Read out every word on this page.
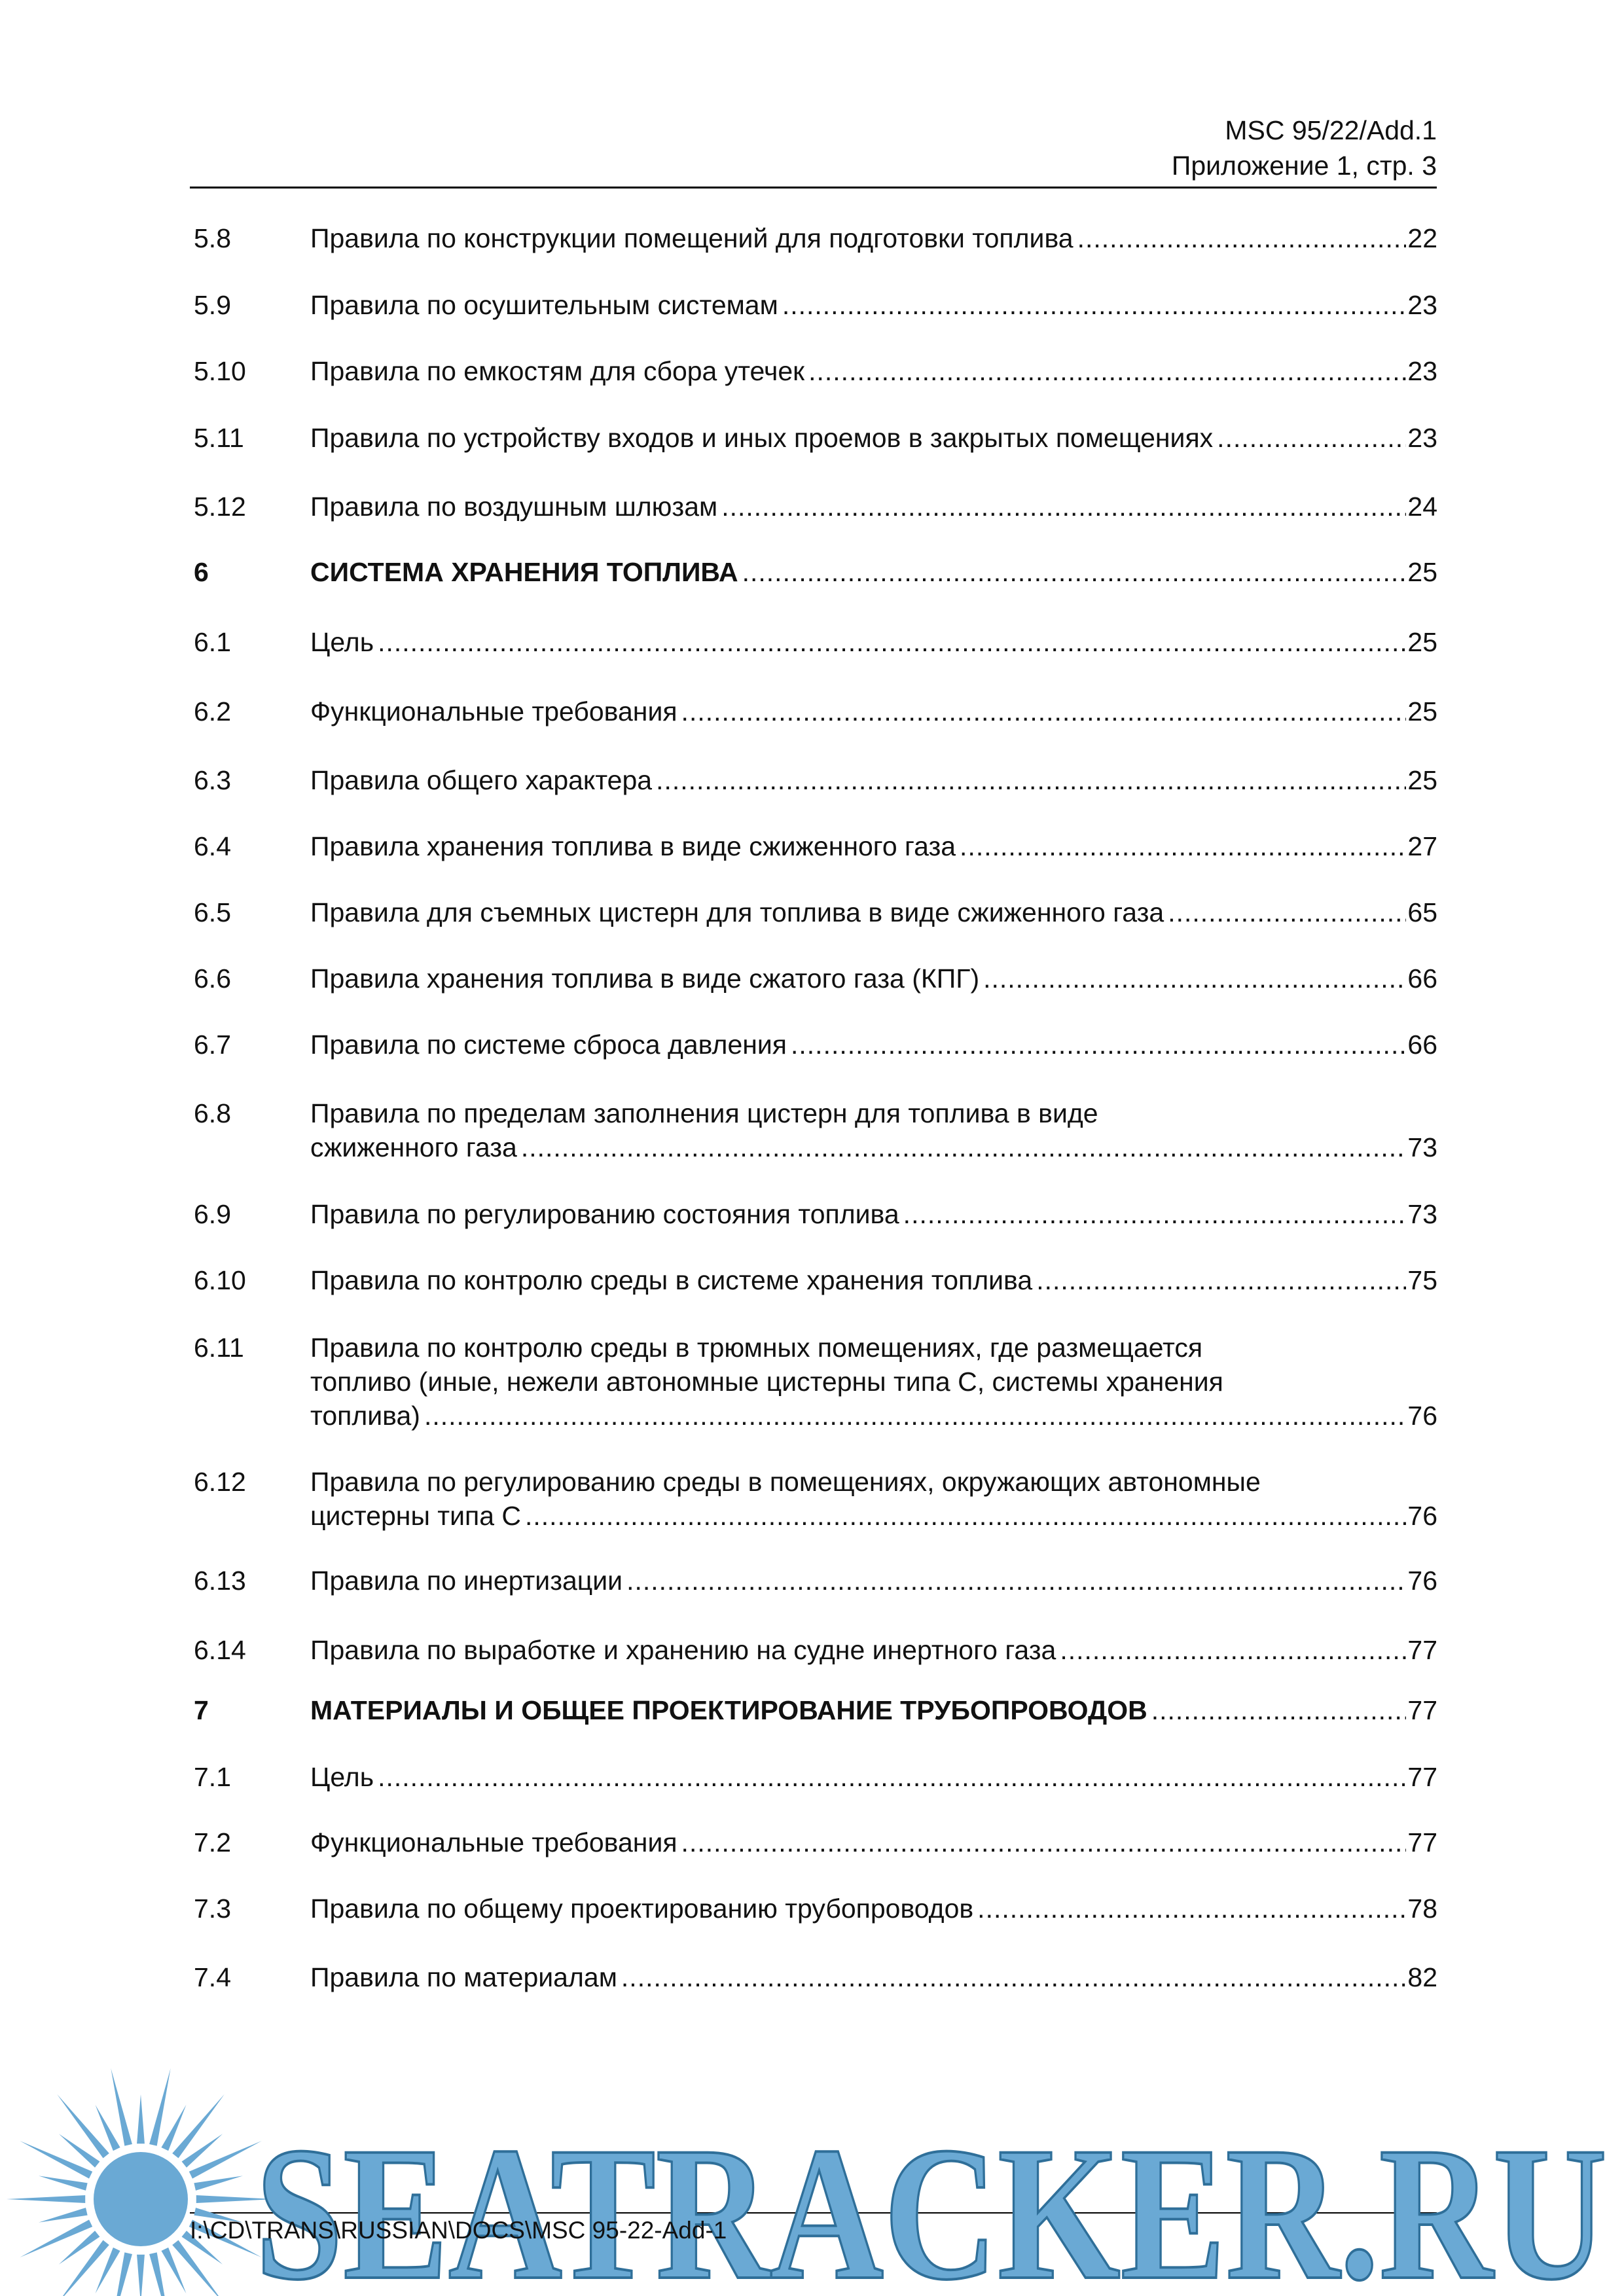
MSC 95/22/Add.1
Приложение 1, стр. 3
5.8	Правила по конструкции помещений для подготовки топлива .....	22
5.9	Правила по осушительным системам .....	23
5.10 Правила по емкостям для сбора утечек .....	23
5.11 Правила по устройству входов и иных проемов в закрытых помещениях .....	23
5.12 Правила по воздушным шлюзам .....	24
6	СИСТЕМА ХРАНЕНИЯ ТОПЛИВА .....	25
6.1	Цель .....	25
6.2	Функциональные требования .....	25
6.3	Правила общего характера .....	25
6.4	Правила хранения топлива в виде сжиженного газа .....	27
6.5	Правила для съемных цистерн для топлива в виде сжиженного газа .....	65
6.6	Правила хранения топлива в виде сжатого газа (КПГ) .....	66
6.7	Правила по системе сброса давления .....	66
6.8	Правила по пределам заполнения цистерн для топлива в виде
сжиженного газа .....	73
6.9	Правила по регулированию состояния топлива .....	73
6.10 Правила по контролю среды в системе хранения топлива .....	75
6.11 Правила по контролю среды в трюмных помещениях, где размещается
топливо (иные, нежели автономные цистерны типа С, системы хранения
топлива) .....	76
6.12 Правила по регулированию среды в помещениях, окружающих автономные
цистерны типа С .....	76
6.13 Правила по инертизации .....	76
6.14 Правила по выработке и хранению на судне инертного газа .....	77
7	МАТЕРИАЛЫ И ОБЩЕЕ ПРОЕКТИРОВАНИЕ ТРУБОПРОВОДОВ .....	77
7.1	Цель .....	77
7.2	Функциональные требования .....	77
7.3	Правила по общему проектированию трубопроводов .....	78
7.4	Правила по материалам .....	82
SEATRACKER.RU
I:\CD\TRANS\RUSSIAN\DOCS\MSC 95-22-Add-1
